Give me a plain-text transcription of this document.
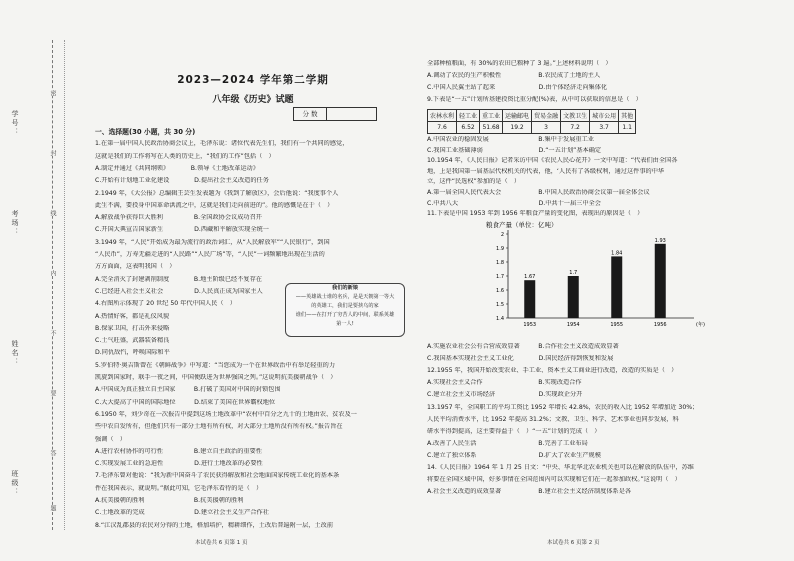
班级：
姓名：
考场：
学号：
密
封
线
内
不
要
答
题
2023—2024 学年第二学期
八年级《历史》试题
分 数
一、选择题(30 小题，共 30 分)
1.在第一届中国人民政治协商会议上，毛泽东说：诸位代表先生们，我们有一个共同的感觉，
这就是我们的工作将写在人类的历史上，“我们的工作”包括（　）
A.制定并通过《共同纲领》　　　　B.领导《土地改革运动》
C.开始有计划地工业化建设　　　　D.提出社会主义改造的任务
2.1949 年，《大公报》总编辑王芸生发表题为《我到了解放区》，会后他说：“我度事个人
此生不满，要投身中国革命洪流之中，这就是我们走向前进的”。他的感慨是在于（　）
A.解放战争获得巨大胜利　　　　　B.全国政协会议成功召开
C.开国大典宣告国家新生　　　　　D.西藏和平解放实现全统一
3.1949 年，“人民”开始成为最为流行的政治词汇，从“人民解放军”“人民银行”，到国
“人民币”，万寿无疆走进的“人民路”“人民广场”等，“人民”一词频繁地出现在生活的
方方面面，这表明我国（　）
A.完全消灭了封建剥削制度　　　　B.地主阶级已经不复存在
C.已经进入社会主义社会　　　　　D.人民真正成为国家主人
4.右图所示体现了 20 世纪 50 年代中国人民（　）
A.热情好客，都是礼仪风貌
B.保家卫国，打击外来侵略
C.土气旺盛，武器装备精良
D.同仇敌忾，呼唤国际和平
5.罗伯特·奥吉斯曾在《朝鲜战争》中写道：“当您成为一个在世界政治中有举足轻重的力
凯旋到国家时，联手一夜之间，中国便跃进为世界强国之列。”这说明抗美援朝战争（　）
A.中国成为真正独立自主国家　　　B.打破了美国对中国的封锁包围
C.大大提高了中国的国际地位　　　D.结束了美国在世界霸权地位
6.1950 年，刘少奇在一次报告中提到这场土地改革中“农村中百分之九十的土地由农、贫农及一
些中农自发所有，但他们只有一部分土地有所有权，对大部分土地所没有所有权。”报告旨在
强调（　）
A.进行农村协作的可行性　　　　　B.建立自主政治的重要性
C.实现发展工业的急迫性　　　　　D.进行土地改革的必要性
7.毛泽东曾对他说：“我为新中国奋斗了农民获得解放和社会地面国家传统工业化的基本条
件在我国表示，就说明。”据此可知，它毛泽东看待的是（　）
A.抗美援朝的胜利　　　　　　　　B.抗美援朝的胜利
C.土地改革的完成　　　　　　　　D.建立社会主义生产合作社
8.“江汉乱郡县的农民对分得的土地，格加培护，精耕细作，土改后普遍附一层，土改前
我们的新娘
——英雄战士谁的名兵，是是天朝第一等大
的英雄工，我们是要挟乌的家
谁们——在打开了穷苦人的中间，联系英雄
第一人!
本试卷共 6 页第 1 页
全部种植粮面，有 30%的农田已粮种了 3 遍。”上述材料说明（　）
A.调动了农民的生产积极性　　　　　　B.农民成了土地的主人
C.中国人民翼主站了起来　　　　　　　D.由个体经济走向集体化
9.下表是“一五”计划所基建投资比重分配(%)表，从中可以获取的信息是（　）
农林水利	轻工业	重工业	运输邮电	贸易金融	文教卫生	城市公用	其他
7.6	6.52	51.68	19.2	3	7.2	3.7	1.1
A.中国农业的稳固发展　　　　　　　　B.集中于发展重工业
C.我国工业基础薄弱　　　　　　　　　D.“一五计划”基本确定
10.1954 年，《人民日报》记者采访中国《农民人民心花开》一文中写道：“代表们由全国各
地，上是我国第一届基层代权机关的代表，他，‘人民有了各级权利，通过这件事的中华
立，这件“民选权”参加的是（　）
A.第一届全国人民代表大会　　　　　　B.中国人民政治协商会议第一届全体会议
C.中共八大　　　　　　　　　　　　　D.中共十一届三中全会
11.下表是中国 1953 年到 1956 年粮食产量的变化图，表现出的原因是（　）
粮食产量（单位：亿吨）
1.4
1.5
1.6
1.7
1.8
1.9
2
1.67
1953
1.7
1954
1.84
1955
1.93
1956	(年)
A.实施农业社会公有合营成效显著　　　B.合作社会主义改造成效显著
C.我国基本实现社会主义工业化　　　　D.国民经济得到恢复和发展
12.1955 年，我国开始改变农业、手工业、资本主义工商业进行改造，改造的实质是（　）
A.实现社会主义合作　　　　　　　　　B.实现改造合作
C.建立社会主义市场经济　　　　　　　D.实现政企分开
13.1957 年，全国职工的平均工资比 1952 年增长 42.8%，农民的收入比 1952 年增加近 30%；
人民平均消费水平，比 1952 年提高 31.2%；文教、卫生、科学、艺术事业也同步发展，科
研水平得到提高，这主要得益于（　）“一五”计划的完成（　）
A.改善了人民生活　　　　　　　　　　B.完善了工业布局
C.建立了独立体系　　　　　　　　　　D.扩大了农业生产规模
14.《人民日报》1964 年 1 月 25 日文：“中央、华北华北农业机关也可以在解放的队伍中，苏维
将要在全国区域中国，好多事情在全国范围内可以实现和它们在一起参加政权。”这说明（　）
A.社会主义改造的成效显著　　　　　　B.建立社会主义经济制度体系是各
本试卷共 6 页第 2 页
